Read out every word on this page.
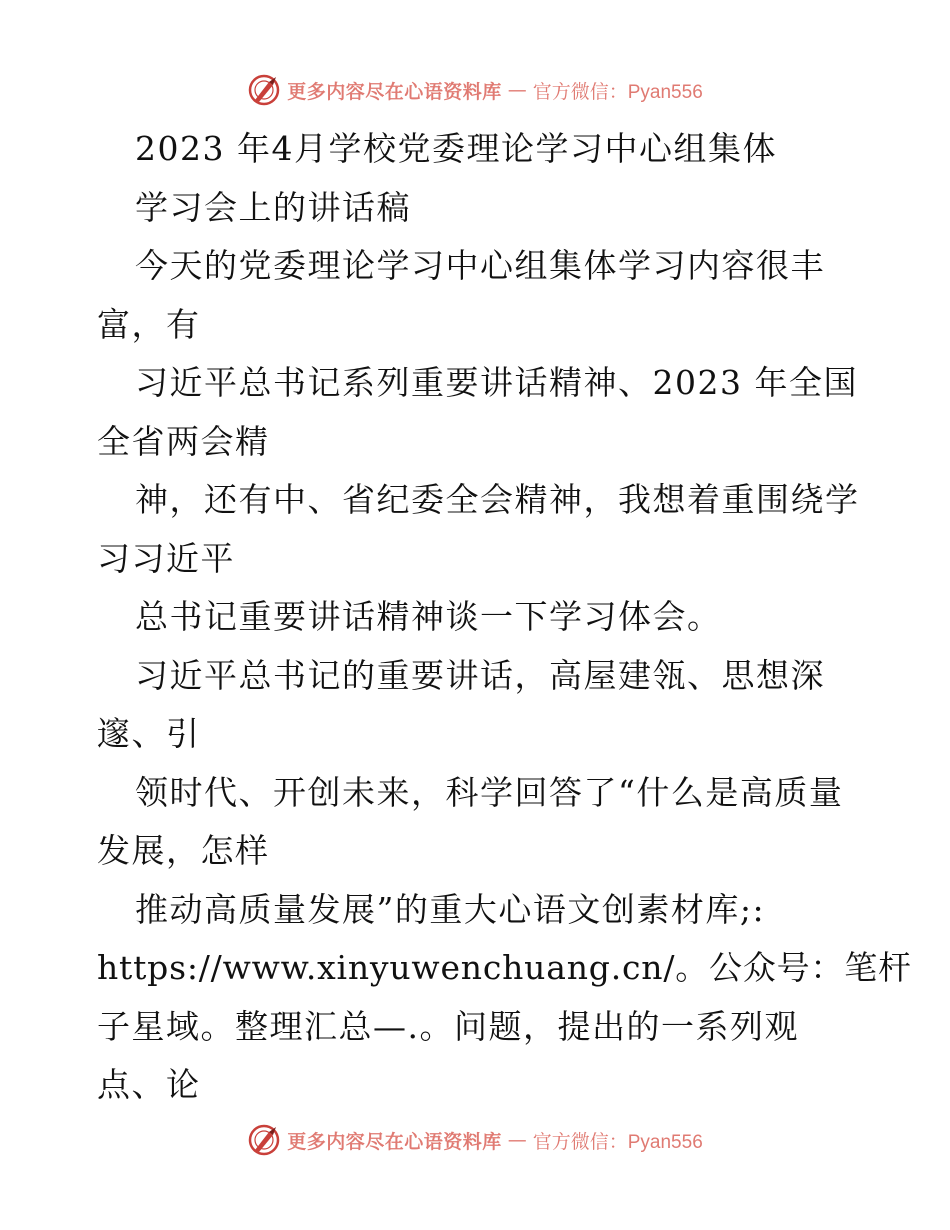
更多内容尽在心语资料库 — 官方微信：Pyan556
2023 年4月学校党委理论学习中心组集体
学习会上的讲话稿
今天的党委理论学习中心组集体学习内容很丰
富，有
习近平总书记系列重要讲话精神、2023 年全国
全省两会精
神，还有中、省纪委全会精神，我想着重围绕学
习习近平
总书记重要讲话精神谈一下学习体会。
习近平总书记的重要讲话，高屋建瓴、思想深
邃、引
领时代、开创未来，科学回答了“什么是高质量
发展，怎样
推动高质量发展”的重大心语文创素材库;:
https://www.xinyuwenchuang.cn/。公众号：笔杆
子星域。整理汇总—.。问题，提出的一系列观
点、论
更多内容尽在心语资料库 — 官方微信：Pyan556
